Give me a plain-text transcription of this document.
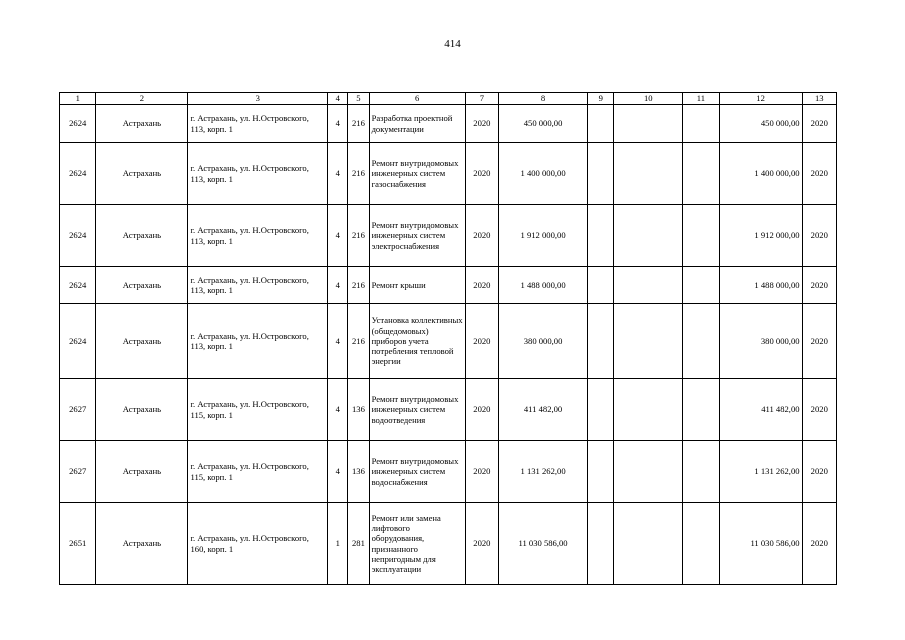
414
1	2	3	4	5	6	7	8	9	10	11	12	13
2624	Астрахань	г. Астрахань, ул. Н.Островского, 113, корп. 1	4	216	Разработка проектной документации	2020	450 000,00				450 000,00	2020
2624	Астрахань	г. Астрахань, ул. Н.Островского, 113, корп. 1	4	216	Ремонт внутридомовых инженерных систем газоснабжения	2020	1 400 000,00				1 400 000,00	2020
2624	Астрахань	г. Астрахань, ул. Н.Островского, 113, корп. 1	4	216	Ремонт внутридомовых инженерных систем электроснабжения	2020	1 912 000,00				1 912 000,00	2020
2624	Астрахань	г. Астрахань, ул. Н.Островского, 113, корп. 1	4	216	Ремонт крыши	2020	1 488 000,00				1 488 000,00	2020
2624	Астрахань	г. Астрахань, ул. Н.Островского, 113, корп. 1	4	216	Установка коллективных (общедомовых) приборов учета потребления тепловой энергии	2020	380 000,00				380 000,00	2020
2627	Астрахань	г. Астрахань, ул. Н.Островского, 115, корп. 1	4	136	Ремонт внутридомовых инженерных систем водоотведения	2020	411 482,00				411 482,00	2020
2627	Астрахань	г. Астрахань, ул. Н.Островского, 115, корп. 1	4	136	Ремонт внутридомовых инженерных систем водоснабжения	2020	1 131 262,00				1 131 262,00	2020
2651	Астрахань	г. Астрахань, ул. Н.Островского, 160, корп. 1	1	281	Ремонт или замена лифтового оборудования, признанного непригодным для эксплуатации	2020	11 030 586,00				11 030 586,00	2020
